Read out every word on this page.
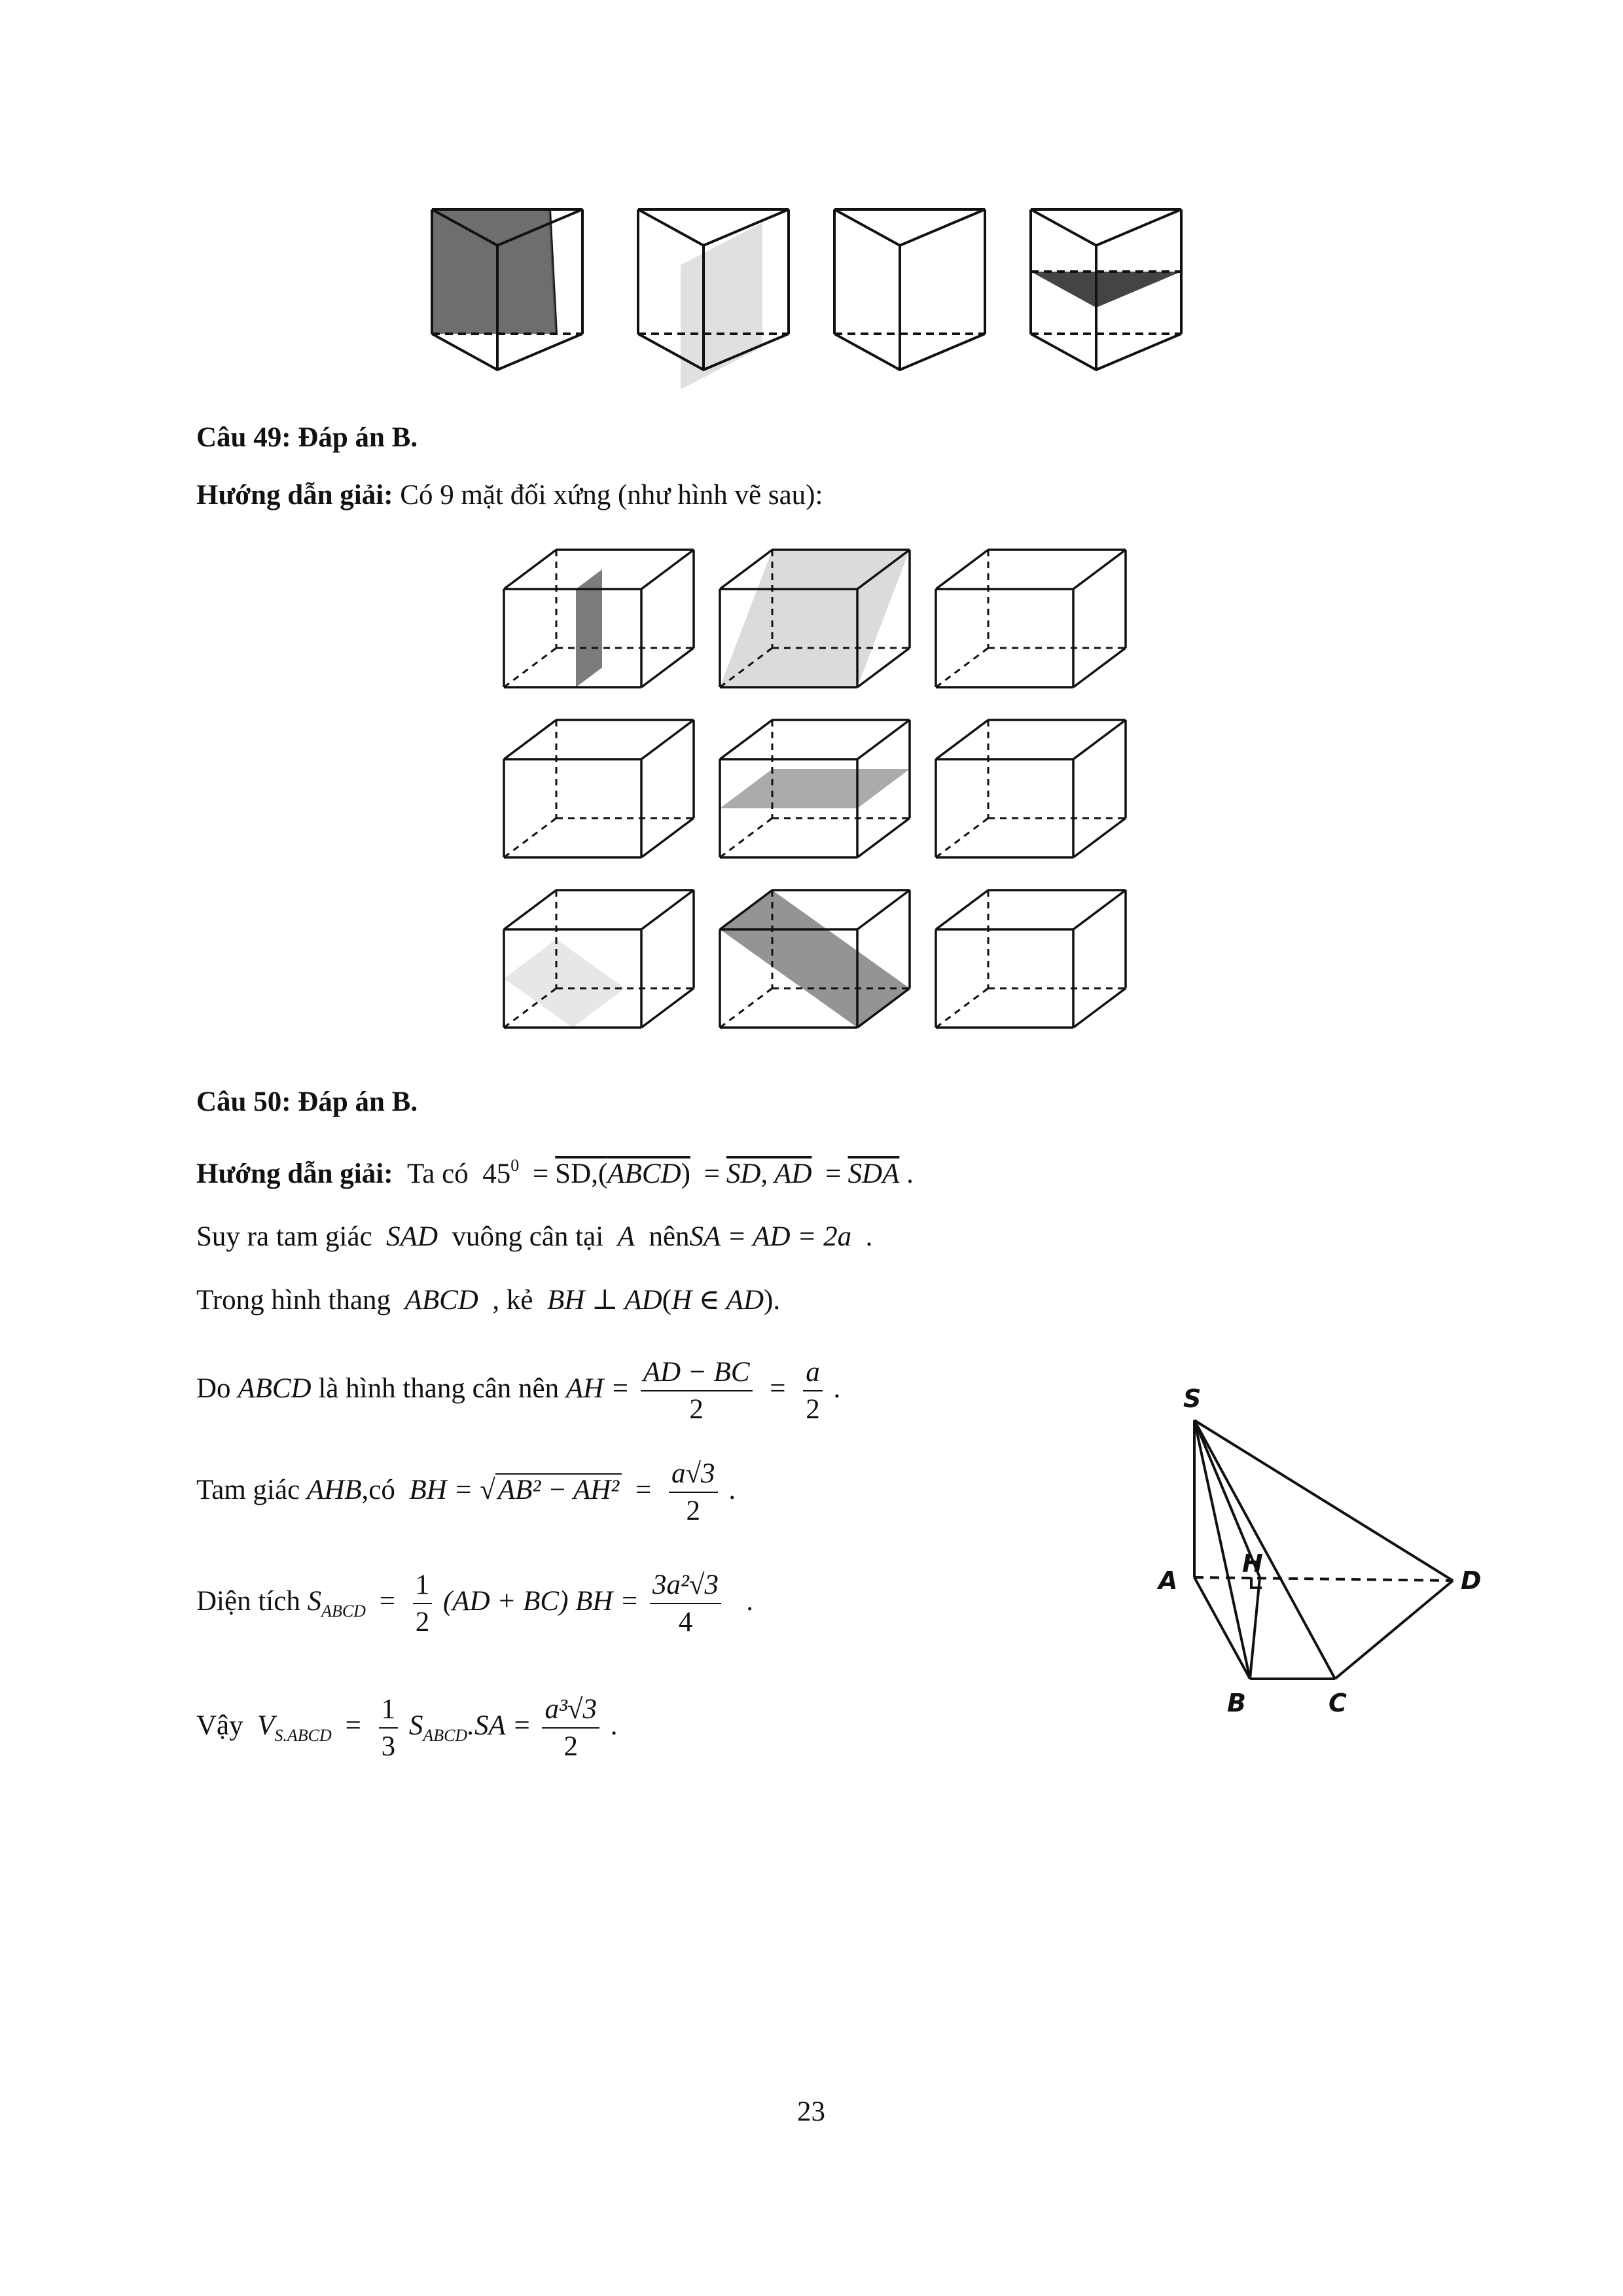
Câu 49: Đáp án B.
Hướng dẫn giải: Có 9 mặt đối xứng (như hình vẽ sau):
Câu 50: Đáp án B.
Hướng dẫn giải: Ta có $45^0$ = SD,(ABCD) = SD, AD = $\overline{SDA}$ .
Suy ra tam giác SAD vuông cân tại A nênSA = AD = 2a .
Trong hình thang ABCD , kẻ BH ⊥ AD(H ∈ AD).
Do ABCD là hình thang cân nên AH = $\frac{AD - BC}{2} = \frac{a}{2}$ .
Tam giác AHB,có BH = $√AB^2 - AH^2 = \frac{a√3}{2}$ .
Diện tích $S_{ABCD} = \frac{1}{2} (AD + BC)$ BH = $\frac{\text{3a²√3}}{4}$ .
Vậy $V_{S.ABCD} = \frac{1}{3} S_{ABCD}.SA = \frac{\text{a³√3}}{2}$ .
S
A
H
D
B	C
23
